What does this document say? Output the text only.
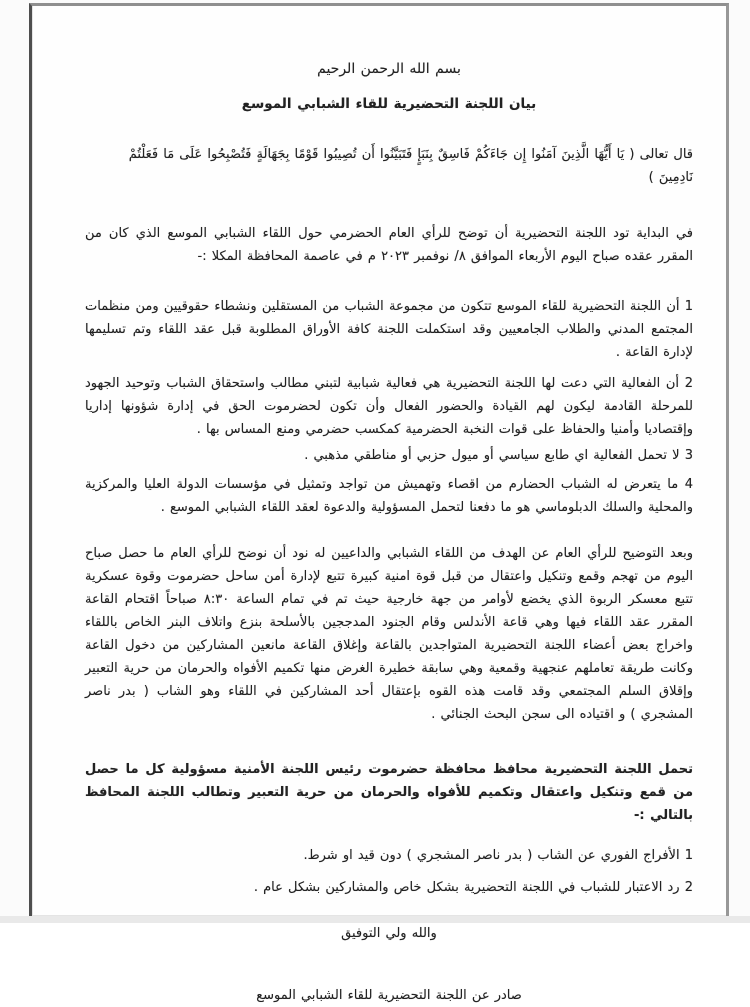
بسم الله الرحمن الرحيم
بيان اللجنة التحضيرية للقاء الشبابي الموسع
قال تعالى ( يَا أَيُّهَا الَّذِينَ آمَنُوا إِن جَاءَكُمْ فَاسِقٌ بِنَبَإٍ فَتَبَيَّنُوا أَن تُصِيبُوا قَوْمًا بِجَهَالَةٍ فَتُصْبِحُوا عَلَى مَا فَعَلْتُمْ نَادِمِينَ )
في البداية تود اللجنة التحضيرية أن توضح للرأي العام الحضرمي حول اللقاء الشبابي الموسع الذي كان من المقرر عقده صباح اليوم الأربعاء الموافق ٨/ نوفمبر ٢٠٢٣ م في عاصمة المحافظة المكلا :-
1 أن اللجنة التحضيرية للقاء الموسع تتكون من مجموعة الشباب من المستقلين ونشطاء حقوقيين ومن منظمات المجتمع المدني والطلاب الجامعيين وقد استكملت اللجنة كافة الأوراق المطلوبة قبل عقد اللقاء وتم تسليمها لإدارة القاعة .
2 أن الفعالية التي دعت لها اللجنة التحضيرية هي فعالية شبابية لتبني مطالب واستحقاق الشباب وتوحيد الجهود للمرحلة القادمة ليكون لهم القيادة والحضور الفعال وأن تكون لحضرموت الحق في إدارة شؤونها إداريا وإقتصاديا وأمنيا والحفاظ على قوات النخبة الحضرمية كمكسب حضرمي ومنع المساس بها .
3 لا تحمل الفعالية اي طابع سياسي أو ميول حزبي أو مناطقي مذهبي .
4 ما يتعرض له الشباب الحضارم من اقصاء وتهميش من تواجد وتمثيل في مؤسسات الدولة العليا والمركزية والمحلية والسلك الدبلوماسي هو ما دفعنا لتحمل المسؤولية والدعوة لعقد اللقاء الشبابي الموسع .
وبعد التوضيح للرأي العام عن الهدف من اللقاء الشبابي والداعيين له نود أن نوضح للرأي العام ما حصل صباح اليوم من تهجم وقمع وتنكيل واعتقال من قبل قوة امنية كبيرة تتبع لإدارة أمن ساحل حضرموت وقوة عسكرية تتبع معسكر الربوة الذي يخضع لأوامر من جهة خارجية حيث تم في تمام الساعة ٨:٣٠ صباحاً اقتحام القاعة المقرر عقد اللقاء فيها وهي قاعة الأندلس وقام الجنود المدججين بالأسلحة بنزع واتلاف البنر الخاص باللقاء واخراج بعض أعضاء اللجنة التحضيرية المتواجدين بالقاعة وإغلاق القاعة مانعين المشاركين من دخول القاعة وكانت طريقة تعاملهم عنجهية وقمعية وهي سابقة خطيرة الغرض منها تكميم الأفواه والحرمان من حرية التعبير وإقلاق السلم المجتمعي وقد قامت هذه القوه بإعتقال أحد المشاركين في اللقاء وهو الشاب ( بدر ناصر المشجري ) و اقتياده الى سجن البحث الجنائي .
تحمل اللجنة التحضيرية محافظ محافظة حضرموت رئيس اللجنة الأمنية مسؤولية كل ما حصل من قمع وتنكيل واعتقال وتكميم للأفواه والحرمان من حرية التعبير وتطالب اللجنة المحافظ بالتالي :-
1 الأفراج الفوري عن الشاب ( بدر ناصر المشجري ) دون قيد او شرط.
2 رد الاعتبار للشباب في اللجنة التحضيرية بشكل خاص والمشاركين بشكل عام .
والله ولي التوفيق
صادر عن اللجنة التحضيرية للقاء الشبابي الموسع
